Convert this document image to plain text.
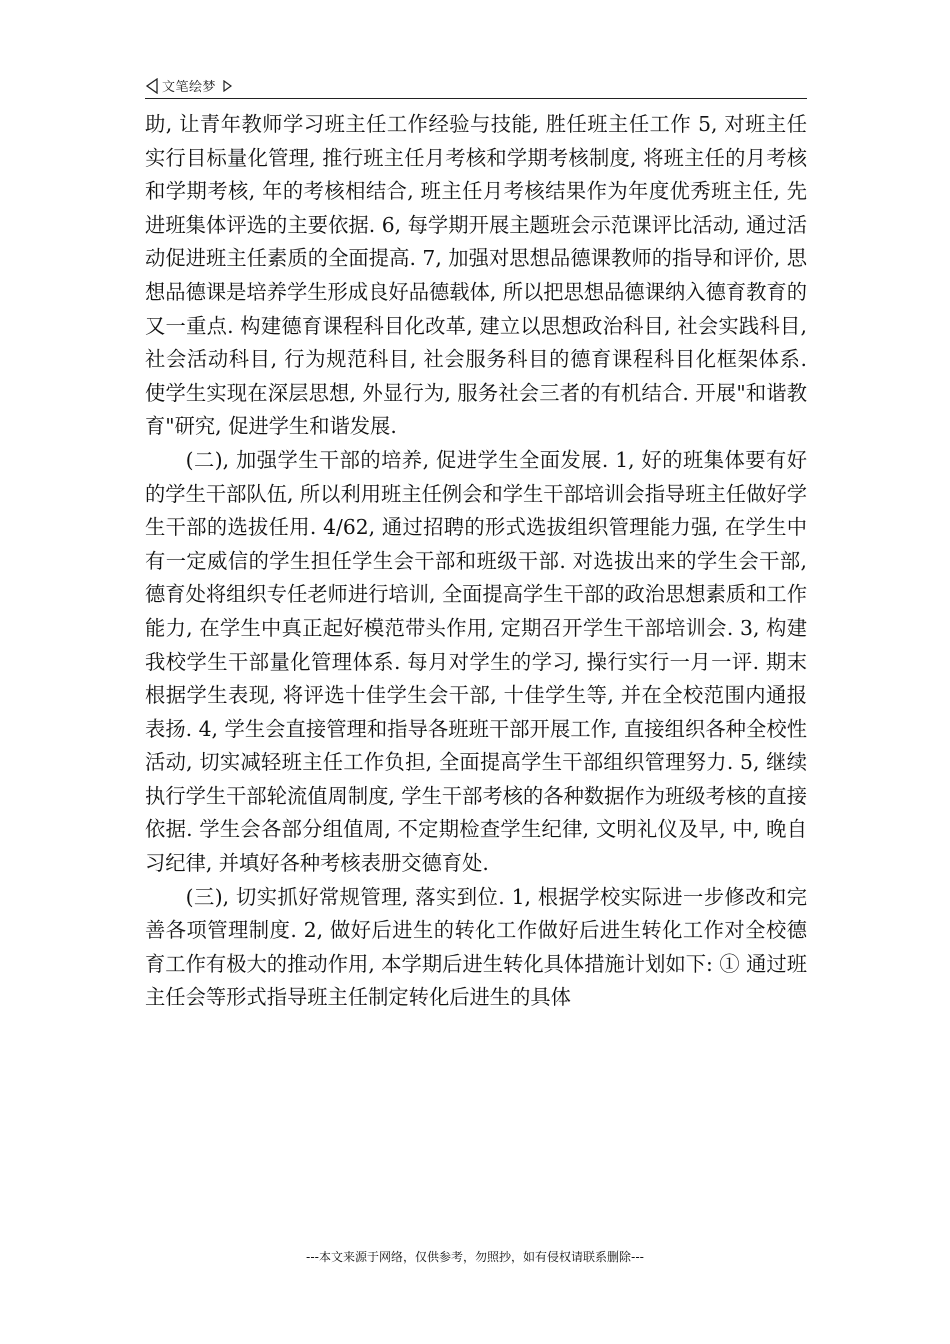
文笔绘梦

助, 让青年教师学习班主任工作经验与技能, 胜任班主任工作 5, 对班主任实行目标量化管理, 推行班主任月考核和学期考核制度, 将班主任的月考核和学期考核, 年的考核相结合, 班主任月考核结果作为年度优秀班主任, 先进班集体评选的主要依据. 6, 每学期开展主题班会示范课评比活动, 通过活动促进班主任素质的全面提高. 7, 加强对思想品德课教师的指导和评价, 思想品德课是培养学生形成良好品德载体, 所以把思想品德课纳入德育教育的又一重点. 构建德育课程科目化改革, 建立以思想政治科目, 社会实践科目, 社会活动科目, 行为规范科目, 社会服务科目的德育课程科目化框架体系. 使学生实现在深层思想, 外显行为, 服务社会三者的有机结合. 开展"和谐教育"研究, 促进学生和谐发展.

(二), 加强学生干部的培养, 促进学生全面发展. 1, 好的班集体要有好的学生干部队伍, 所以利用班主任例会和学生干部培训会指导班主任做好学生干部的选拔任用. 4/62, 通过招聘的形式选拔组织管理能力强, 在学生中有一定威信的学生担任学生会干部和班级干部. 对选拔出来的学生会干部, 德育处将组织专任老师进行培训, 全面提高学生干部的政治思想素质和工作能力, 在学生中真正起好模范带头作用, 定期召开学生干部培训会. 3, 构建我校学生干部量化管理体系. 每月对学生的学习, 操行实行一月一评. 期末根据学生表现, 将评选十佳学生会干部, 十佳学生等, 并在全校范围内通报表扬. 4, 学生会直接管理和指导各班班干部开展工作, 直接组织各种全校性活动, 切实减轻班主任工作负担, 全面提高学生干部组织管理努力. 5, 继续执行学生干部轮流值周制度, 学生干部考核的各种数据作为班级考核的直接依据. 学生会各部分组值周, 不定期检查学生纪律, 文明礼仪及早, 中, 晚自习纪律, 并填好各种考核表册交德育处.

(三), 切实抓好常规管理, 落实到位. 1, 根据学校实际进一步修改和完善各项管理制度. 2, 做好后进生的转化工作做好后进生转化工作对全校德育工作有极大的推动作用, 本学期后进生转化具体措施计划如下: ① 通过班主任会等形式指导班主任制定转化后进生的具体

---本文来源于网络，仅供参考，勿照抄，如有侵权请联系删除---
